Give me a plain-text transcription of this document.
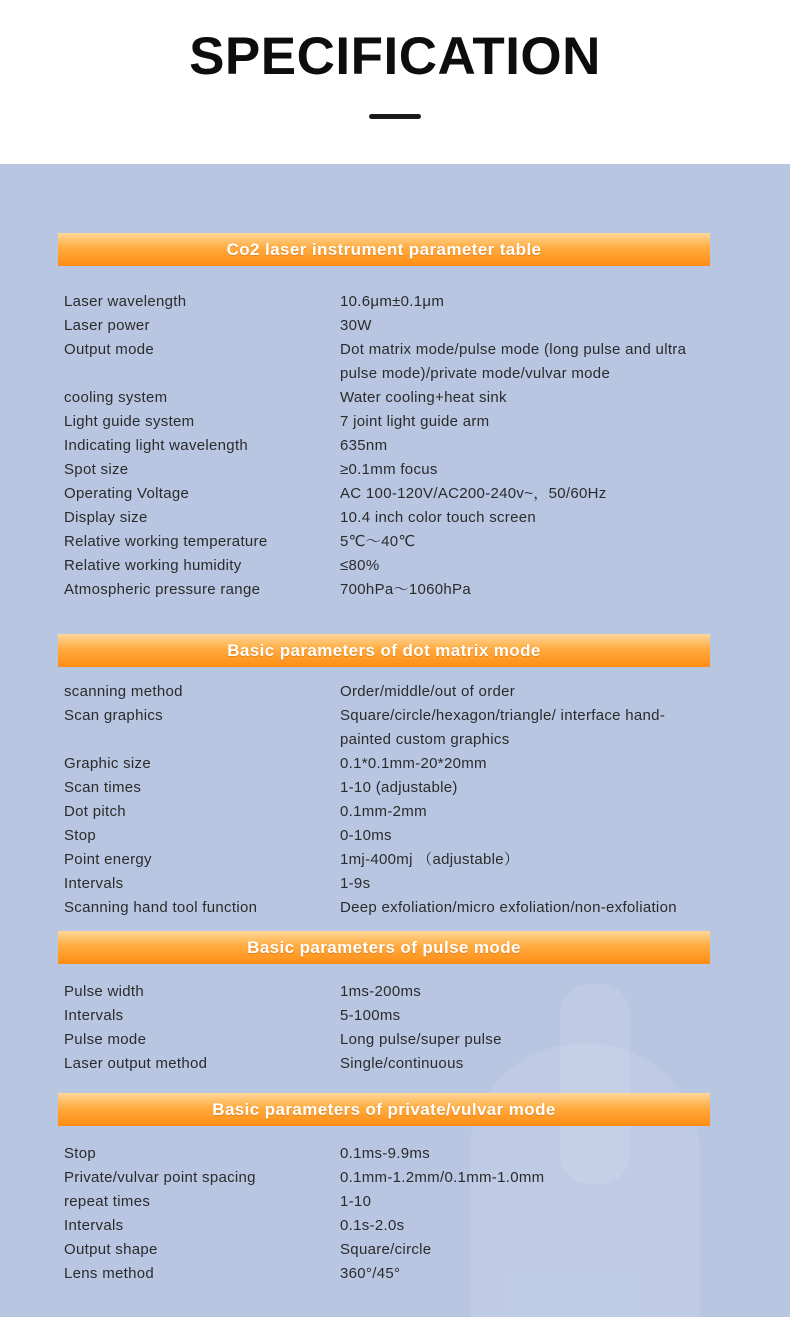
SPECIFICATION
Co2 laser instrument parameter table
Laser wavelength	10.6μm±0.1μm
Laser power	30W
Output mode	Dot matrix mode/pulse mode (long pulse and ultra pulse mode)/private mode/vulvar mode
cooling system	Water cooling+heat sink
Light guide system	7 joint light guide arm
Indicating light wavelength	635nm
Spot size	≥0.1mm focus
Operating Voltage	AC 100-120V/AC200-240v~，50/60Hz
Display size	10.4 inch color touch screen
Relative working temperature	5℃～40℃
Relative working humidity	≤80%
Atmospheric pressure range	700hPa～1060hPa
Basic parameters of dot matrix mode
scanning method	Order/middle/out of order
Scan graphics	Square/circle/hexagon/triangle/ interface hand-painted custom graphics
Graphic size	0.1*0.1mm-20*20mm
Scan times	1-10 (adjustable)
Dot pitch	0.1mm-2mm
Stop	0-10ms
Point energy	1mj-400mj （adjustable）
Intervals	1-9s
Scanning hand tool function	Deep exfoliation/micro exfoliation/non-exfoliation
Basic parameters of pulse mode
Pulse width	1ms-200ms
Intervals	5-100ms
Pulse mode	Long pulse/super pulse
Laser output method	Single/continuous
Basic parameters of private/vulvar mode
Stop	0.1ms-9.9ms
Private/vulvar point spacing	0.1mm-1.2mm/0.1mm-1.0mm
repeat times	1-10
Intervals	0.1s-2.0s
Output shape	Square/circle
Lens method	360°/45°
